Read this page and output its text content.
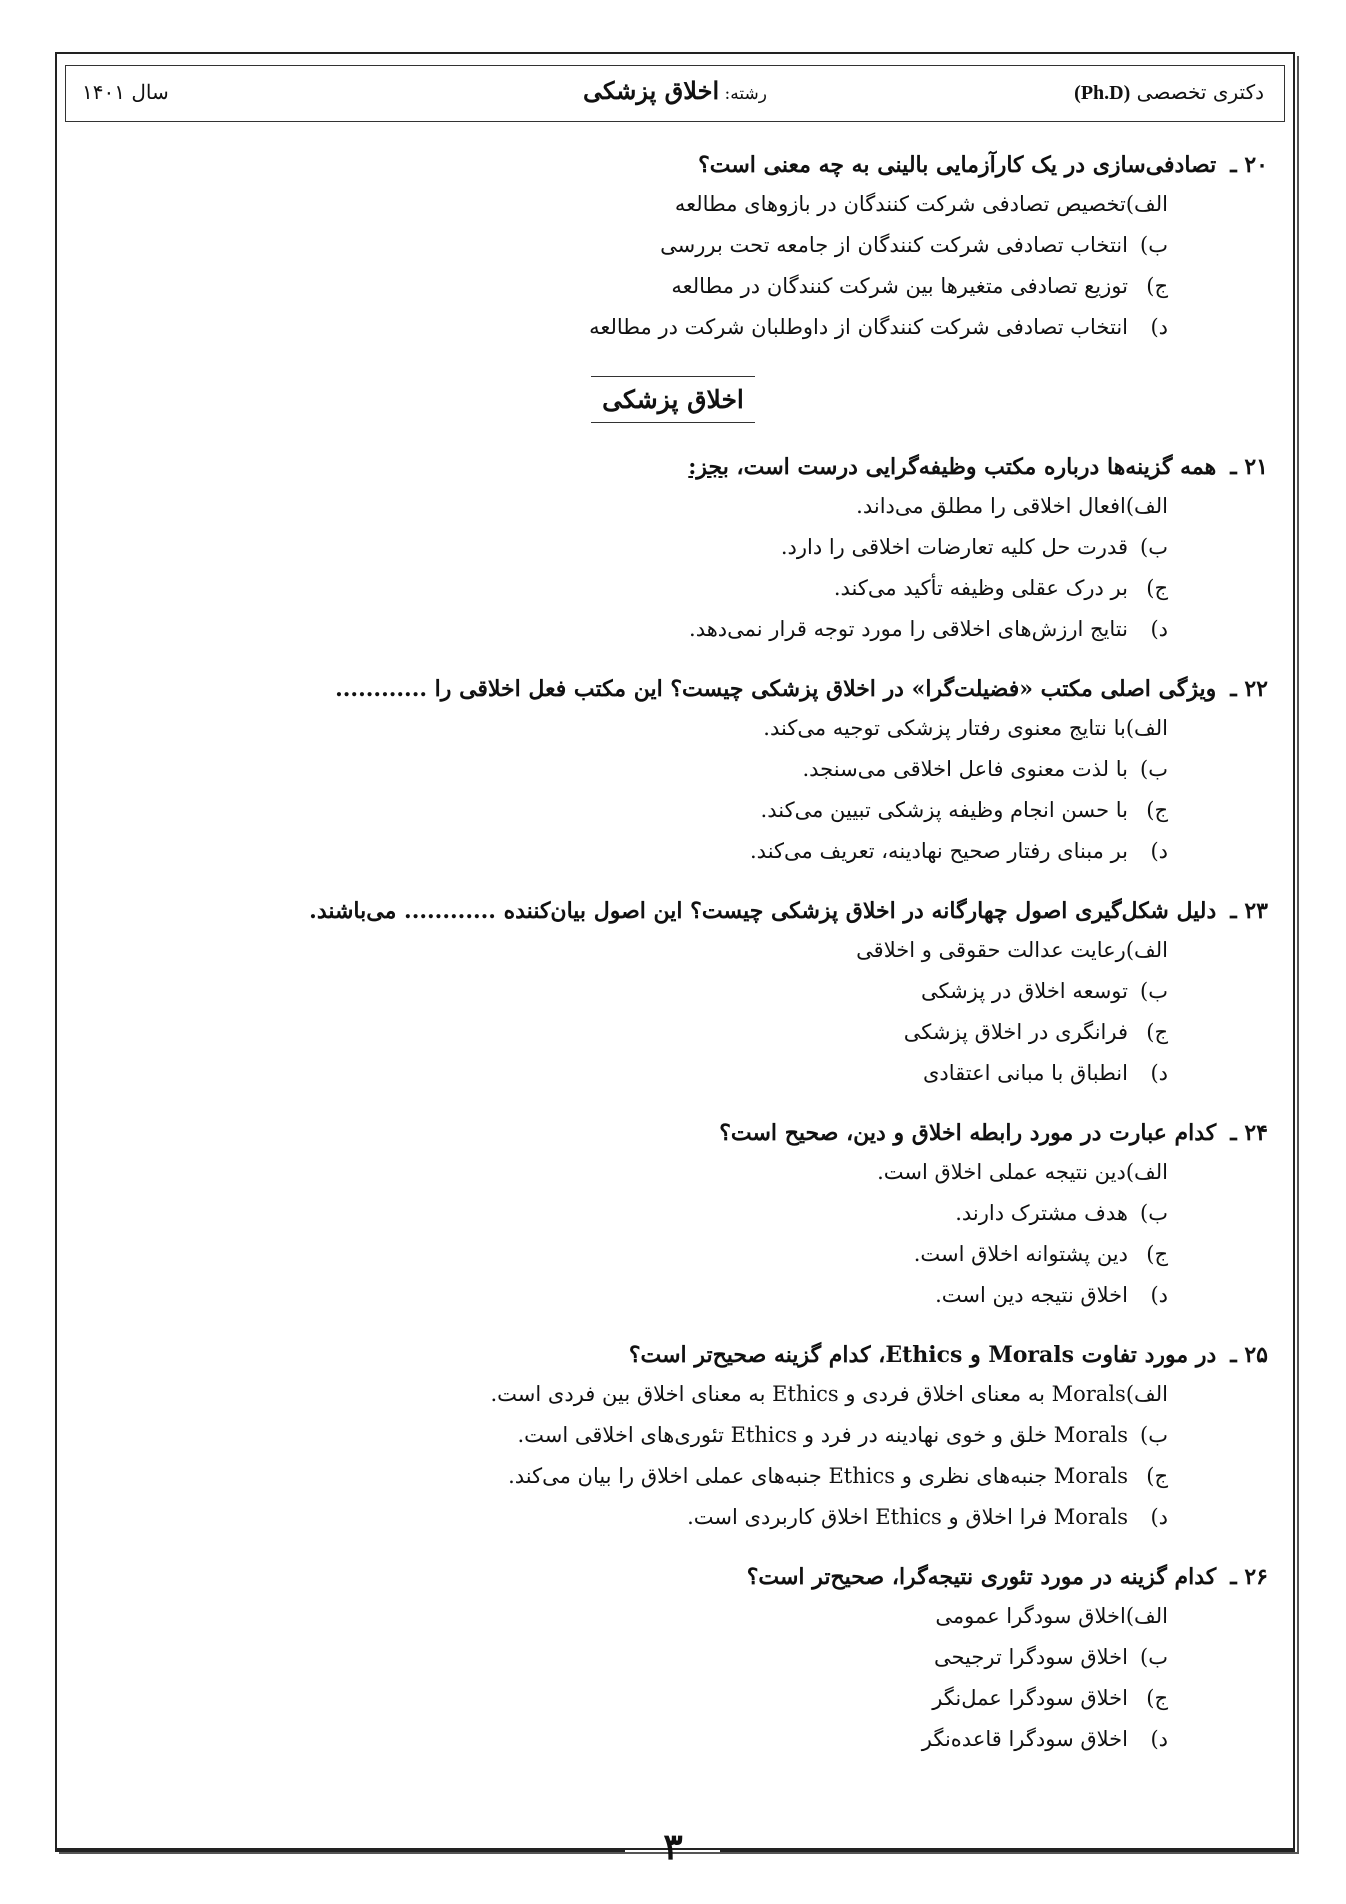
دکتری تخصصی (Ph.D)
رشته: اخلاق پزشکی
سال ۱۴۰۱
۲۰ ـتصادفی‌سازی در یک کارآزمایی بالینی به چه معنی است؟
الف)تخصیص تصادفی شرکت کنندگان در بازوهای مطالعه
ب)انتخاب تصادفی شرکت کنندگان از جامعه تحت بررسی
ج)توزیع تصادفی متغیرها بین شرکت کنندگان در مطالعه
د)انتخاب تصادفی شرکت کنندگان از داوطلبان شرکت در مطالعه
اخلاق پزشکی
۲۱ ـهمه گزینه‌ها درباره مکتب وظیفه‌گرایی درست است، بجز:
الف)افعال اخلاقی را مطلق می‌داند.
ب)قدرت حل کلیه تعارضات اخلاقی را دارد.
ج)بر درک عقلی وظیفه تأکید می‌کند.
د)نتایج ارزش‌های اخلاقی را مورد توجه قرار نمی‌دهد.
۲۲ ـویژگی اصلی مکتب «فضیلت‌گرا» در اخلاق پزشکی چیست؟ این مکتب فعل اخلاقی را ............
الف)با نتایج معنوی رفتار پزشکی توجیه می‌کند.
ب)با لذت معنوی فاعل اخلاقی می‌سنجد.
ج)با حسن انجام وظیفه پزشکی تبیین می‌کند.
د)بر مبنای رفتار صحیح نهادینه، تعریف می‌کند.
۲۳ ـدلیل شکل‌گیری اصول چهارگانه در اخلاق پزشکی چیست؟ این اصول بیان‌کننده ............ می‌باشند.
الف)رعایت عدالت حقوقی و اخلاقی
ب)توسعه اخلاق در پزشکی
ج)فرانگری در اخلاق پزشکی
د)انطباق با مبانی اعتقادی
۲۴ ـکدام عبارت در مورد رابطه اخلاق و دین، صحیح است؟
الف)دین نتیجه عملی اخلاق است.
ب)هدف مشترک دارند.
ج)دین پشتوانه اخلاق است.
د)اخلاق نتیجه دین است.
۲۵ ـدر مورد تفاوت Morals و Ethics، کدام گزینه صحیح‌تر است؟
الف)Morals به معنای اخلاق فردی و Ethics به معنای اخلاق بین فردی است.
ب)Morals خلق و خوی نهادینه در فرد و Ethics تئوری‌های اخلاقی است.
ج)Morals جنبه‌های نظری و Ethics جنبه‌های عملی اخلاق را بیان می‌کند.
د)Morals فرا اخلاق و Ethics اخلاق کاربردی است.
۲۶ ـکدام گزینه در مورد تئوری نتیجه‌گرا، صحیح‌تر است؟
الف)اخلاق سودگرا عمومی
ب)اخلاق سودگرا ترجیحی
ج)اخلاق سودگرا عمل‌نگر
د)اخلاق سودگرا قاعده‌نگر
۳
